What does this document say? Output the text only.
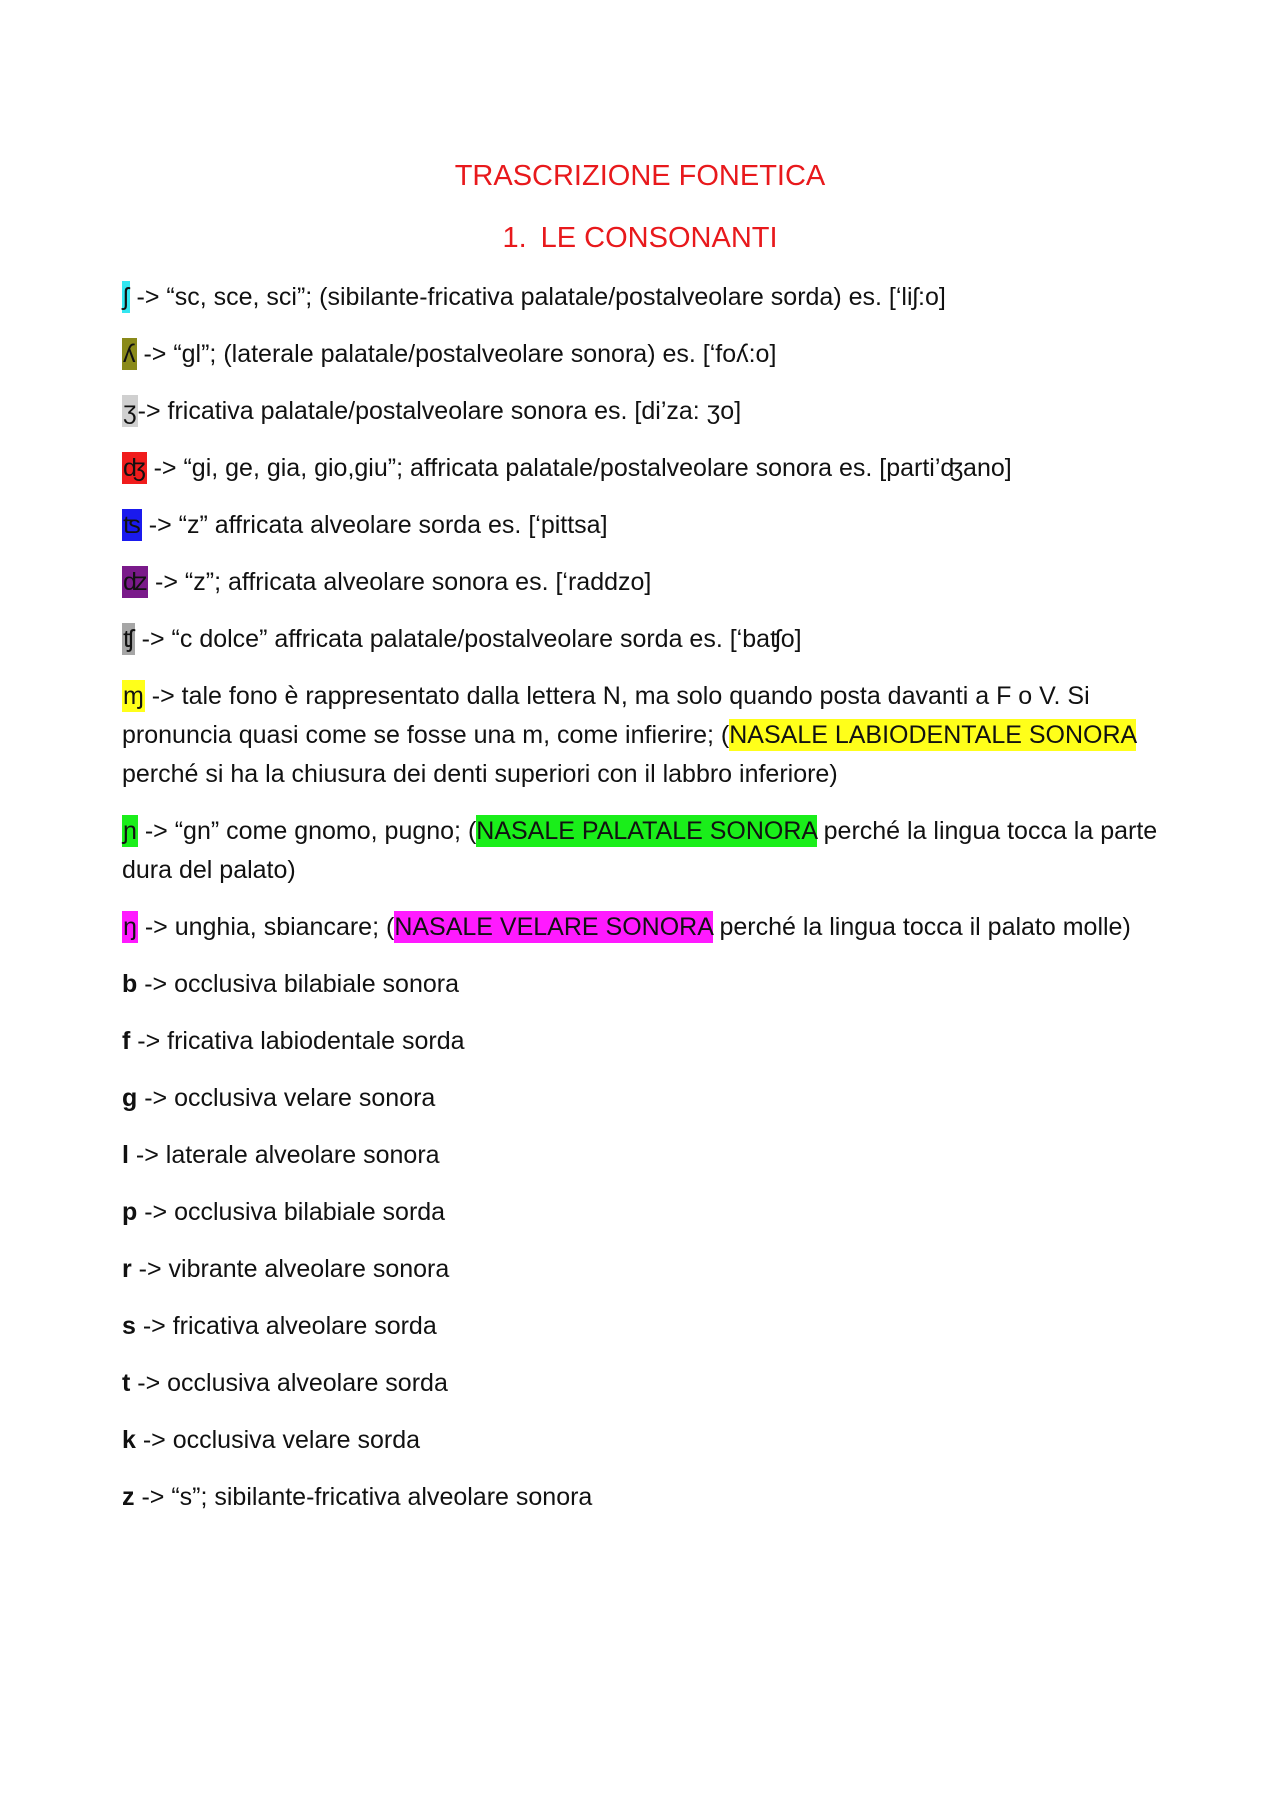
TRASCRIZIONE FONETICA
1. LE CONSONANTI

ʃ -> “sc, sce, sci”; (sibilante-fricativa palatale/postalveolare sorda) es. [‘liʃ:o]

ʎ -> “gl”; (laterale palatale/postalveolare sonora) es. [‘foʎ:o]

ʒ-> fricativa palatale/postalveolare sonora es. [di’za: ʒo]

ʤ -> “gi, ge, gia, gio,giu”; affricata palatale/postalveolare sonora es. [parti’ʤano]

ʦ -> “z” affricata alveolare sorda es. [‘pittsa]

ʣ -> “z”; affricata alveolare sonora es. [‘raddzo]

ʧ -> “c dolce” affricata palatale/postalveolare sorda es. [‘baʧo]

ɱ -> tale fono è rappresentato dalla lettera N, ma solo quando posta davanti a F o V. Si pronuncia quasi come se fosse una m, come infierire; (NASALE LABIODENTALE SONORA perché si ha la chiusura dei denti superiori con il labbro inferiore)

ɲ -> “gn” come gnomo, pugno; (NASALE PALATALE SONORA perché la lingua tocca la parte dura del palato)

ŋ -> unghia, sbiancare; (NASALE VELARE SONORA perché la lingua tocca il palato molle)

b -> occlusiva bilabiale sonora

f -> fricativa labiodentale sorda

g -> occlusiva velare sonora

l -> laterale alveolare sonora

p -> occlusiva bilabiale sorda

r -> vibrante alveolare sonora

s -> fricativa alveolare sorda

t -> occlusiva alveolare sorda

k -> occlusiva velare sorda

z -> “s”; sibilante-fricativa alveolare sonora
